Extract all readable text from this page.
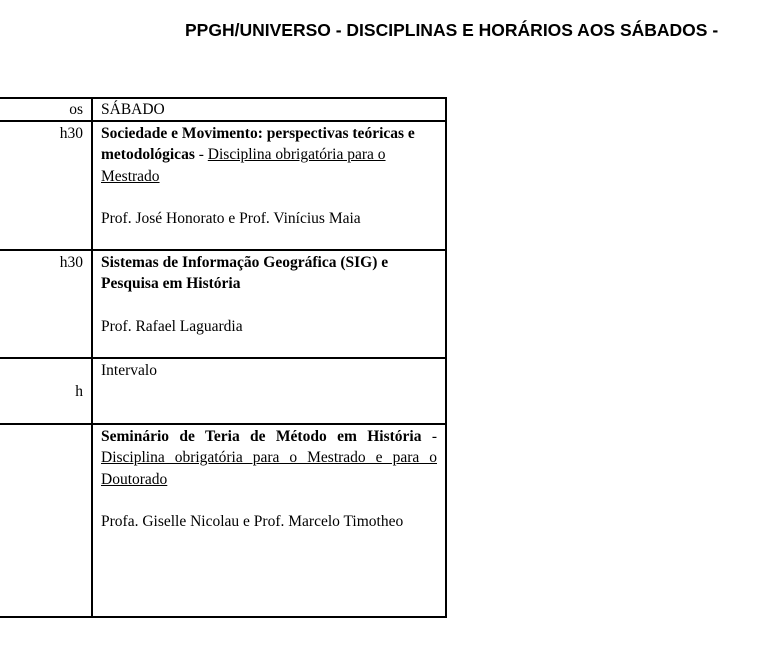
PPGH/UNIVERSO - DISCIPLINAS E HORÁRIOS AOS SÁBADOS -
os	SÁBADO
h30 Sociedade e Movimento: perspectivas teóricas e metodológicas - Disciplina obrigatória para o Mestrado
Prof. José Honorato e Prof. Vinícius Maia
h30 Sistemas de Informação Geográfica (SIG) e Pesquisa em História
Prof. Rafael Laguardia
h
Intervalo
Seminário de Teria de Método em História - Disciplina obrigatória para o Mestrado e para o Doutorado
Profa. Giselle Nicolau e Prof. Marcelo Timotheo
